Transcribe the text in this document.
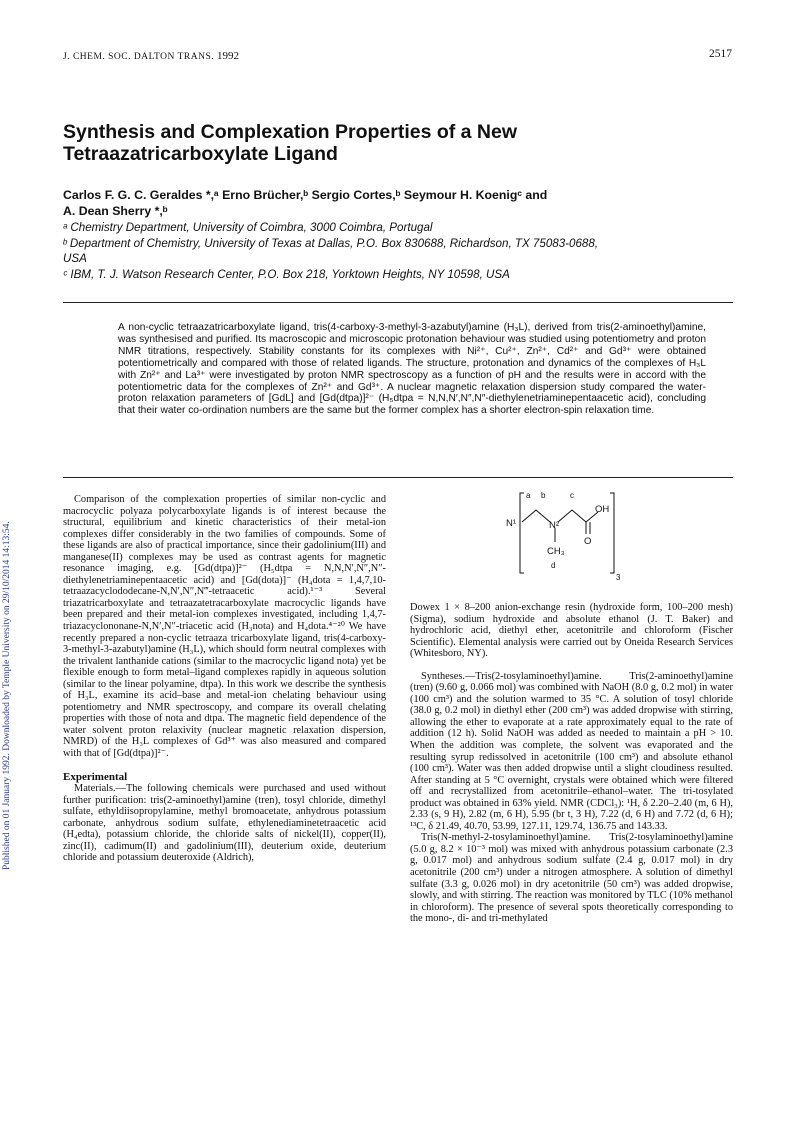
J. CHEM. SOC. DALTON TRANS. 1992	2517
Published on 01 January 1992. Downloaded by Temple University on 29/10/2014 14:13:54.
Synthesis and Complexation Properties of a New Tetraazatricarboxylate Ligand
Carlos F. G. C. Geraldes *,ᵃ Erno Brücher,ᵇ Sergio Cortes,ᵇ Seymour H. Koenigᶜ and
A. Dean Sherry *,ᵇ
ᵃ Chemistry Department, University of Coimbra, 3000 Coimbra, Portugal
ᵇ Department of Chemistry, University of Texas at Dallas, P.O. Box 830688, Richardson, TX 75083-0688,
USA
ᶜ IBM, T. J. Watson Research Center, P.O. Box 218, Yorktown Heights, NY 10598, USA
A non-cyclic tetraazatricarboxylate ligand, tris(4-carboxy-3-methyl-3-azabutyl)amine (H₃L), derived from tris(2-aminoethyl)amine, was synthesised and purified. Its macroscopic and microscopic protonation behaviour was studied using potentiometry and proton NMR titrations, respectively. Stability constants for its complexes with Ni²⁺, Cu²⁺, Zn²⁺, Cd²⁺ and Gd³⁺ were obtained potentiometrically and compared with those of related ligands. The structure, protonation and dynamics of the complexes of H₃L with Zn²⁺ and La³⁺ were investigated by proton NMR spectroscopy as a function of pH and the results were in accord with the potentiometric data for the complexes of Zn²⁺ and Gd³⁺. A nuclear magnetic relaxation dispersion study compared the water-proton relaxation parameters of [GdL] and [Gd(dtpa)]²⁻ (H₅dtpa = N,N,N′,N″,N″-diethylenetriaminepentaacetic acid), concluding that their water co-ordination numbers are the same but the former complex has a shorter electron-spin relaxation time.

Comparison of the complexation properties of similar non-cyclic and macrocyclic polyaza polycarboxylate ligands is of interest because the structural, equilibrium and kinetic characteristics of their metal-ion complexes differ considerably in the two families of compounds. Some of these ligands are also of practical importance, since their gadolinium(III) and manganese(II) complexes may be used as contrast agents for magnetic resonance imaging, e.g. [Gd(dtpa)]²⁻ (H₅dtpa = N,N,N′,N″,N″-diethylenetriaminepentaacetic acid) and [Gd(dota)]⁻ (H₄dota = 1,4,7,10-tetraazacyclododecane-N,N′,N″,N‴-tetraacetic acid).¹⁻³ Several triazatricarboxylate and tetraazatetracarboxylate macrocyclic ligands have been prepared and their metal-ion complexes investigated, including 1,4,7-triazacyclononane-N,N′,N″-triacetic acid (H₃nota) and H₄dota.⁴⁻²⁰ We have recently prepared a non-cyclic tetraaza tricarboxylate ligand, tris(4-carboxy-3-methyl-3-azabutyl)amine (H₃L), which should form neutral complexes with the trivalent lanthanide cations (similar to the macrocyclic ligand nota) yet be flexible enough to form metal–ligand complexes rapidly in aqueous solution (similar to the linear polyamine, dtpa). In this work we describe the synthesis of H₃L, examine its acid–base and metal-ion chelating behaviour using potentiometry and NMR spectroscopy, and compare its overall chelating properties with those of nota and dtpa. The magnetic field dependence of the water solvent proton relaxivity (nuclear magnetic relaxation dispersion, NMRD) of the H₃L complexes of Gd³⁺ was also measured and compared with that of [Gd(dtpa)]²⁻.

Experimental

Materials.—The following chemicals were purchased and used without further purification: tris(2-aminoethyl)amine (tren), tosyl chloride, dimethyl sulfate, ethyldiisopropylamine, methyl bromoacetate, anhydrous potassium carbonate, anhydrous sodium sulfate, ethylenediaminetetraacetic acid (H₄edta), potassium chloride, the chloride salts of nickel(II), copper(II), zinc(II), cadimum(II) and gadolinium(III), deuterium oxide, deuterium chloride and potassium deuteroxide (Aldrich),

a b	c
OH
O
N¹	N²
CH₃
d
3

Dowex 1 × 8–200 anion-exchange resin (hydroxide form, 100–200 mesh) (Sigma), sodium hydroxide and absolute ethanol (J. T. Baker) and hydrochloric acid, diethyl ether, acetonitrile and chloroform (Fischer Scientific). Elemental analysis were carried out by Oneida Research Services (Whitesboro, NY).

Syntheses.—Tris(2-tosylaminoethyl)amine. Tris(2-aminoethyl)amine (tren) (9.60 g, 0.066 mol) was combined with NaOH (8.0 g, 0.2 mol) in water (100 cm³) and the solution warmed to 35 °C. A solution of tosyl chloride (38.0 g, 0.2 mol) in diethyl ether (200 cm³) was added dropwise with stirring, allowing the ether to evaporate at a rate approximately equal to the rate of addition (12 h). Solid NaOH was added as needed to maintain a pH > 10. When the addition was complete, the solvent was evaporated and the resulting syrup redissolved in acetonitrile (100 cm³) and absolute ethanol (100 cm³). Water was then added dropwise until a slight cloudiness resulted. After standing at 5 °C overnight, crystals were obtained which were filtered off and recrystallized from acetonitrile–ethanol–water. The tri-tosylated product was obtained in 63% yield. NMR (CDCl₃): ¹H, δ 2.20–2.40 (m, 6 H), 2.33 (s, 9 H), 2.82 (m, 6 H), 5.95 (br t, 3 H), 7.22 (d, 6 H) and 7.72 (d, 6 H); ¹³C, δ 21.49, 40.70, 53.99, 127.11, 129.74, 136.75 and 143.33.

Tris(N-methyl-2-tosylaminoethyl)amine. Tris(2-tosylaminoethyl)amine (5.0 g, 8.2 × 10⁻³ mol) was mixed with anhydrous potassium carbonate (2.3 g, 0.017 mol) and anhydrous sodium sulfate (2.4 g, 0.017 mol) in dry acetonitrile (200 cm³) under a nitrogen atmosphere. A solution of dimethyl sulfate (3.3 g, 0.026 mol) in dry acetonitrile (50 cm³) was added dropwise, slowly, and with stirring. The reaction was monitored by TLC (10% methanol in chloroform). The presence of several spots theoretically corresponding to the mono-, di- and tri-methylated
